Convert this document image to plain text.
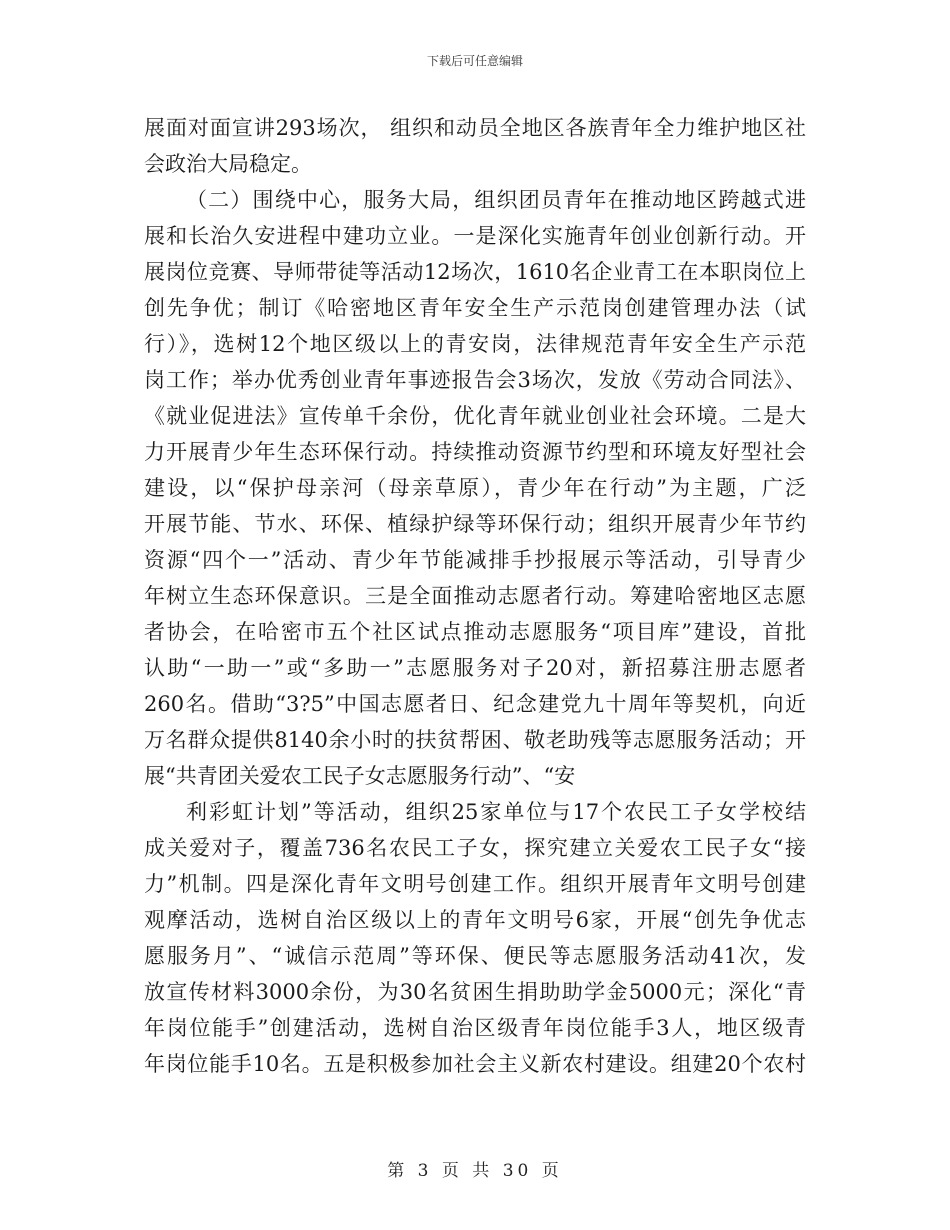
下载后可任意编辑
展面对面宣讲293场次， 组织和动员全地区各族青年全力维护地区社
会政治大局稳定。
（二）围绕中心，服务大局，组织团员青年在推动地区跨越式进
展和长治久安进程中建功立业。一是深化实施青年创业创新行动。开
展岗位竞赛、导师带徒等活动12场次，1610名企业青工在本职岗位上
创先争优；制订《哈密地区青年安全生产示范岗创建管理办法（试
行）》，选树12个地区级以上的青安岗，法律规范青年安全生产示范
岗工作；举办优秀创业青年事迹报告会3场次，发放《劳动合同法》、
《就业促进法》宣传单千余份，优化青年就业创业社会环境。二是大
力开展青少年生态环保行动。持续推动资源节约型和环境友好型社会
建设，以“保护母亲河（母亲草原），青少年在行动”为主题，广泛
开展节能、节水、环保、植绿护绿等环保行动；组织开展青少年节约
资源“四个一”活动、青少年节能减排手抄报展示等活动，引导青少
年树立生态环保意识。三是全面推动志愿者行动。筹建哈密地区志愿
者协会，在哈密市五个社区试点推动志愿服务“项目库”建设，首批
认助“一助一”或“多助一”志愿服务对子20对，新招募注册志愿者
260名。借助“3?5”中国志愿者日、纪念建党九十周年等契机，向近
万名群众提供8140余小时的扶贫帮困、敬老助残等志愿服务活动；开
展“共青团关爱农工民子女志愿服务行动”、“安
利彩虹计划”等活动，组织25家单位与17个农民工子女学校结
成关爱对子，覆盖736名农民工子女，探究建立关爱农工民子女“接
力”机制。四是深化青年文明号创建工作。组织开展青年文明号创建
观摩活动，选树自治区级以上的青年文明号6家，开展“创先争优志
愿服务月”、“诚信示范周”等环保、便民等志愿服务活动41次，发
放宣传材料3000余份，为30名贫困生捐助助学金5000元；深化“青
年岗位能手”创建活动，选树自治区级青年岗位能手3人，地区级青
年岗位能手10名。五是积极参加社会主义新农村建设。组建20个农村
第 3 页 共 30 页
